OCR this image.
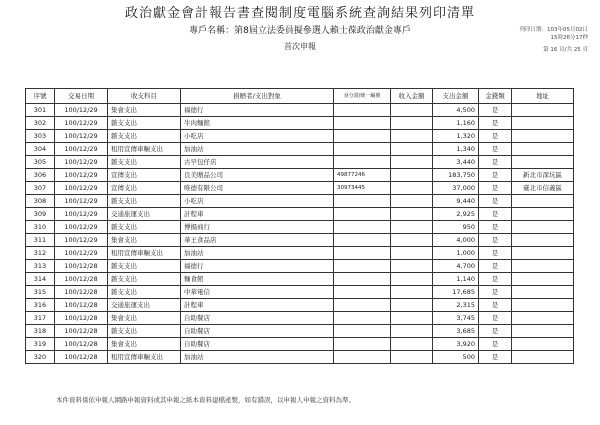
政治獻金會計報告書查閱制度電腦系統查詢結果列印清單
專戶名稱：第8屆立法委員擬參選人賴士葆政治獻金專戶
首次申報
列印日期：103年05月02日
15時26分17秒
第 16 頁/共 25 頁
序號	交易日期	收支科目	捐贈者/支出對象	身分證/統一編號	收入金額	支出金額	金錢類	地址
301	100/12/29	集會支出	福德行			4,500	是	
302	100/12/29	雜支支出	牛肉麵館			1,160	是	
303	100/12/29	雜支支出	小吃店			1,320	是	
304	100/12/29	租用宣傳車輛支出	加油站			1,340	是	
305	100/12/29	雜支支出	古早包仔店			3,440	是	
306	100/12/29	宣傳支出	良美贈品公司	49877246		183,750	是	新北市深坑區
307	100/12/29	宣傳支出	唯德有限公司	30973445		37,000	是	臺北市信義區
308	100/12/29	雜支支出	小吃店			9,440	是	
309	100/12/29	交通旅運支出	計程車			2,925	是	
310	100/12/29	雜支支出	博揚商行			950	是	
311	100/12/29	集會支出	華王食品店			4,000	是	
312	100/12/29	租用宣傳車輛支出	加油站			1,000	是	
313	100/12/28	雜支支出	福德行			4,700	是	
314	100/12/28	雜支支出	麵食館			1,140	是	
315	100/12/28	雜支支出	中華電信			17,685	是	
316	100/12/28	交通旅運支出	計程車			2,315	是	
317	100/12/28	集會支出	自助餐店			3,745	是	
318	100/12/28	雜支支出	自助餐店			3,685	是	
319	100/12/28	集會支出	自助餐店			3,920	是	
320	100/12/28	租用宣傳車輛支出	加油站			500	是	
本件資料係依申報人網路申報資料或其申報之紙本資料建檔產製，如有錯誤，以申報人申報之資料為準。
